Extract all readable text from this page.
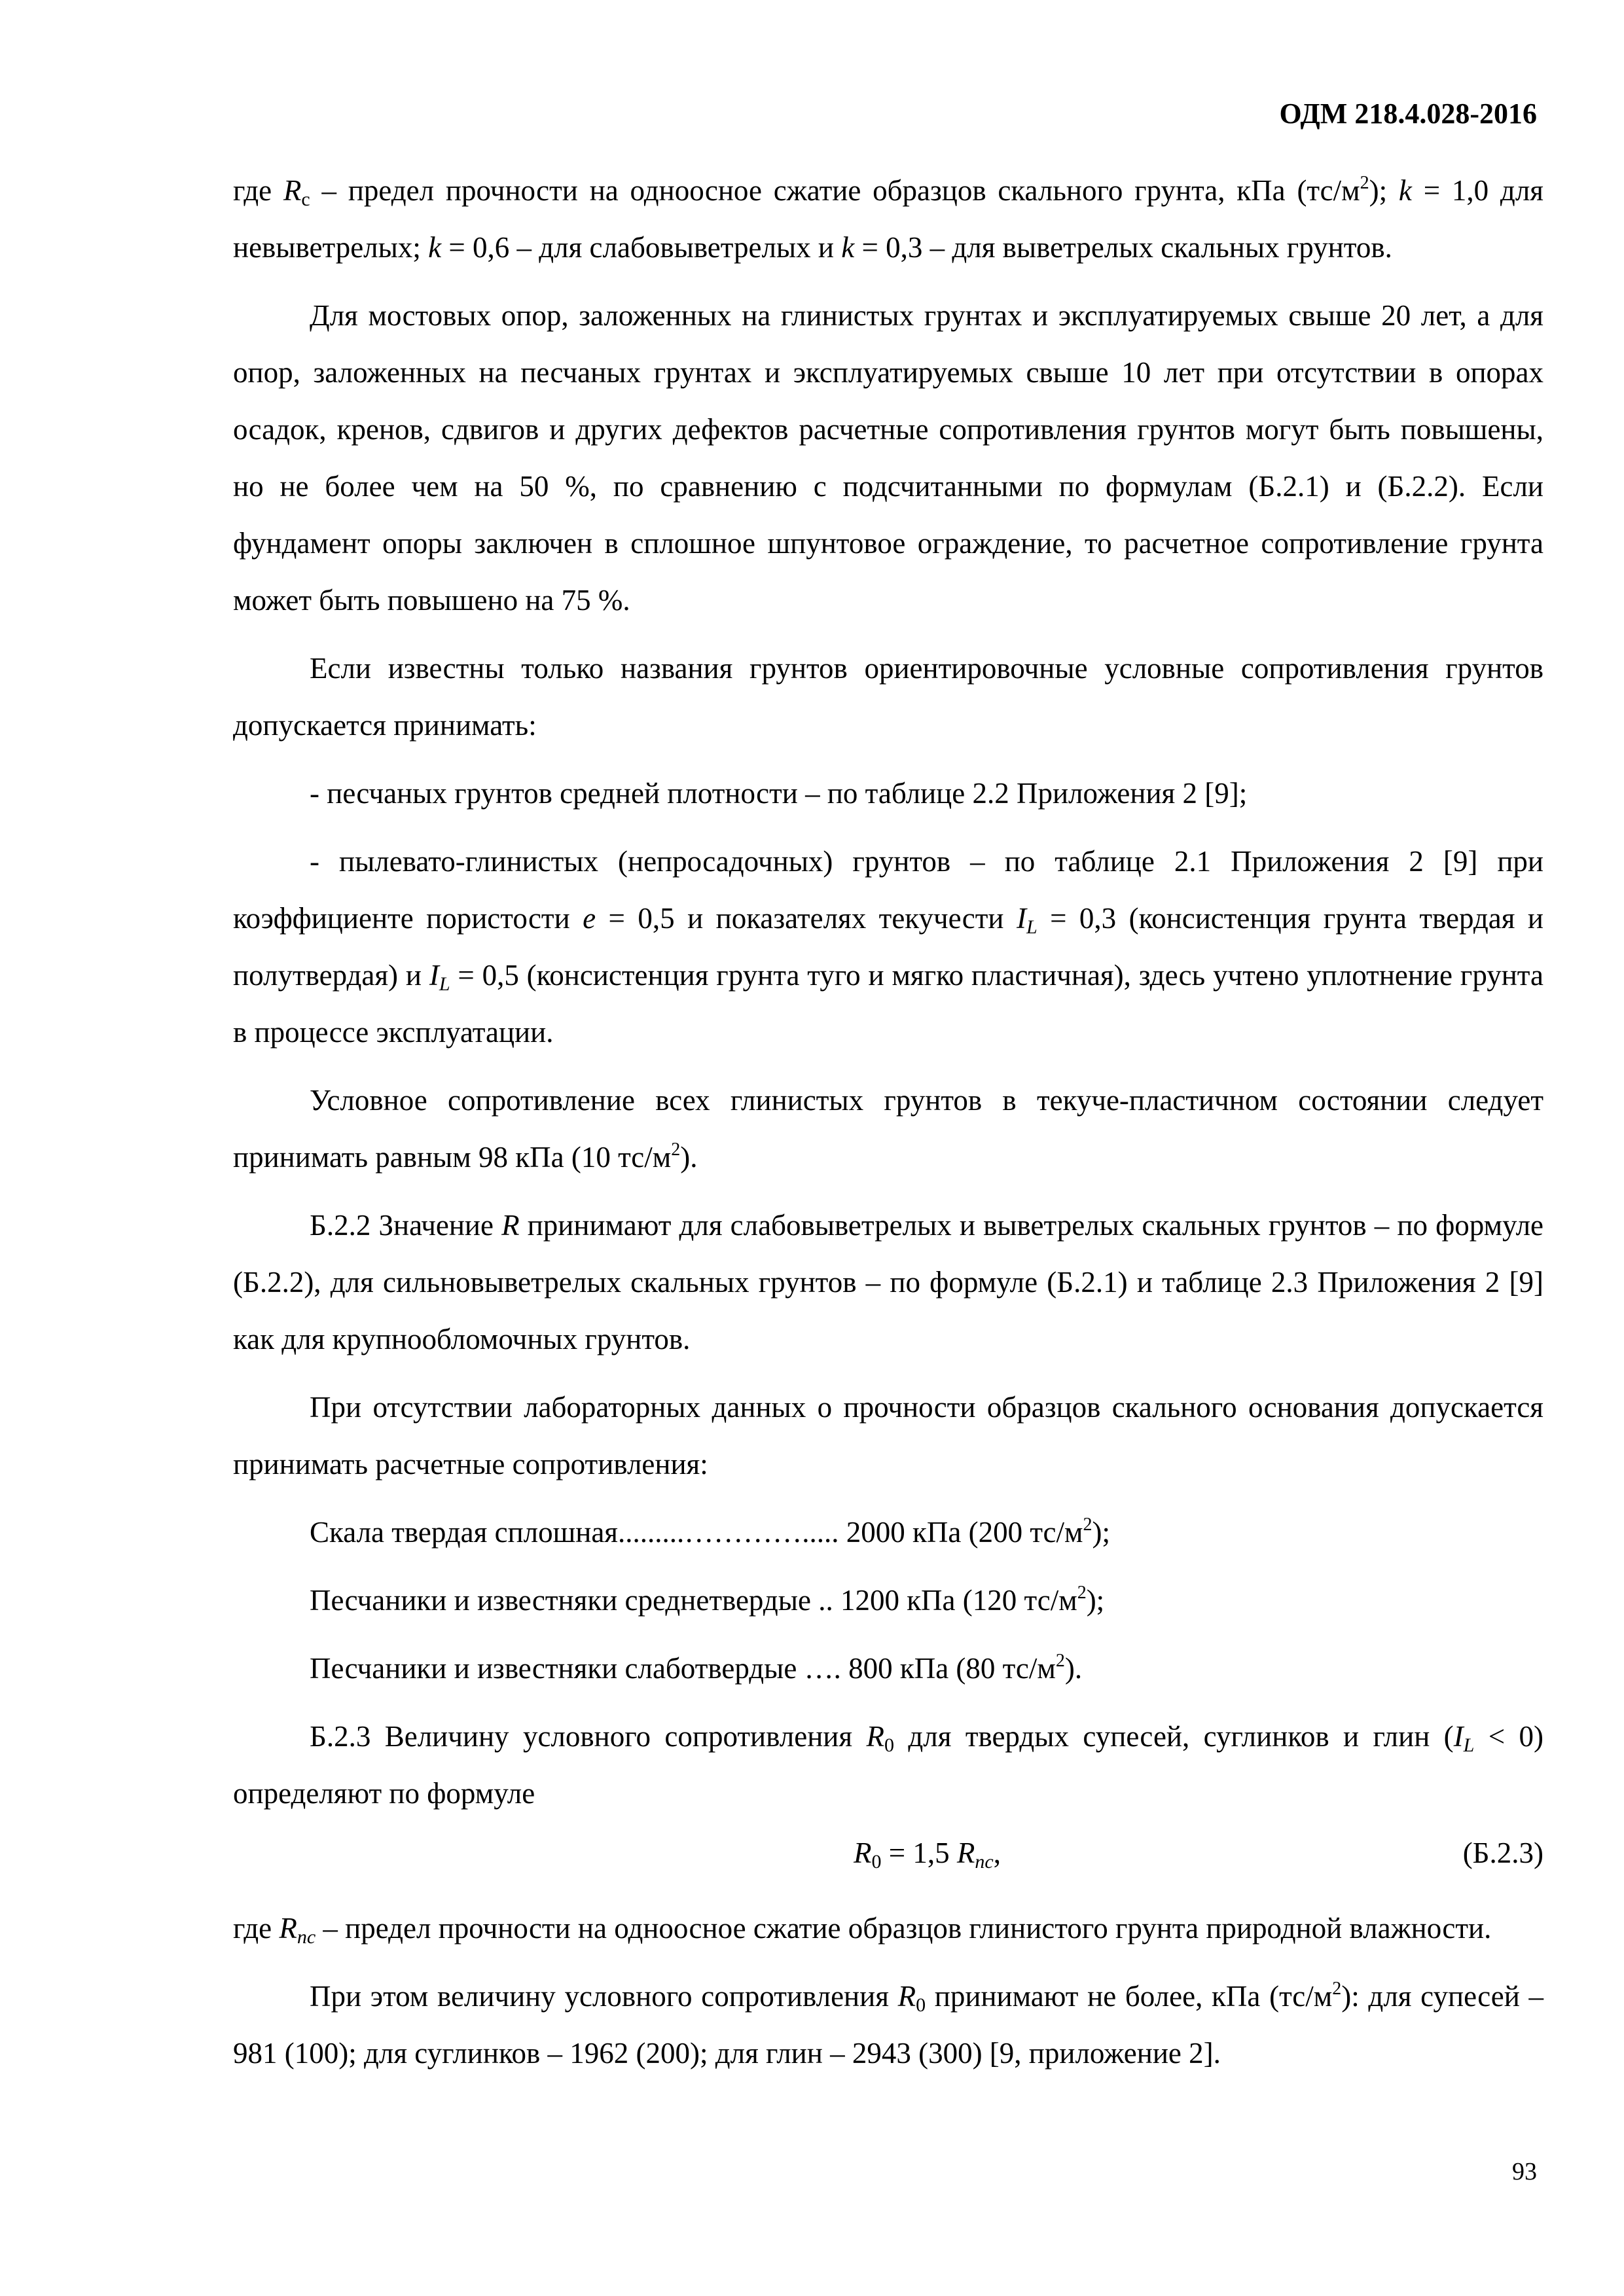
ОДМ 218.4.028-2016

где $R_с$ – предел прочности на одноосное сжатие образцов скального грунта, кПа $(тс/м^2)$; k = 1,0 для невыветрелых; k = 0,6 – для слабовыветрелых и k = 0,3 – для выветрелых скальных грунтов.

Для мостовых опор, заложенных на глинистых грунтах и эксплуатируемых свыше 20 лет, а для опор, заложенных на песчаных грунтах и эксплуатируемых свыше 10 лет при отсутствии в опорах осадок, кренов, сдвигов и других дефектов расчетные сопротивления грунтов могут быть повышены, но не более чем на 50 %, по сравнению с подсчитанными по формулам (Б.2.1) и (Б.2.2). Если фундамент опоры заключен в сплошное шпунтовое ограждение, то расчетное сопротивление грунта может быть повышено на 75 %.

Если известны только названия грунтов ориентировочные условные сопротивления грунтов допускается принимать:

- песчаных грунтов средней плотности – по таблице 2.2 Приложения 2 [9];

- пылевато-глинистых (непросадочных) грунтов – по таблице 2.1 Приложения 2 [9] при коэффициенте пористости e = 0,5 и показателях текучести $I_L = 0,3$ (консистенция грунта твердая и полутвердая) и $I_L = 0,5$ (консистенция грунта туго и мягко пластичная), здесь учтено уплотнение грунта в процессе эксплуатации.

Условное сопротивление всех глинистых грунтов в текуче-пластичном состоянии следует принимать равным 98 кПа (10 $тс/м^2$).

Б.2.2 Значение R принимают для слабовыветрелых и выветрелых скальных грунтов – по формуле (Б.2.2), для сильновыветрелых скальных грунтов – по формуле (Б.2.1) и таблице 2.3 Приложения 2 [9] как для крупнообломочных грунтов.

При отсутствии лабораторных данных о прочности образцов скального основания допускается принимать расчетные сопротивления:

Скала твердая сплошная.........…………..... 2000 кПа (200 $тс/м^2$);

Песчаники и известняки среднетвердые .. 1200 кПа (120 $тс/м^2$);

Песчаники и известняки слаботвердые …. 800 кПа (80 $тс/м^2$).

Б.2.3 Величину условного сопротивления $R_0$ для твердых супесей, суглинков и глин $(I_L < 0)$ определяют по формуле

$R_0 = 1,5$ $R_{nc}$,	(Б.2.3)

где $R_{nc}$ – предел прочности на одноосное сжатие образцов глинистого грунта природной влажности.

При этом величину условного сопротивления $R_0$ принимают не более, кПа $(тс/м^2)$: для супесей – 981 (100); для суглинков – 1962 (200); для глин – 2943 (300) [9, приложение 2].

93
